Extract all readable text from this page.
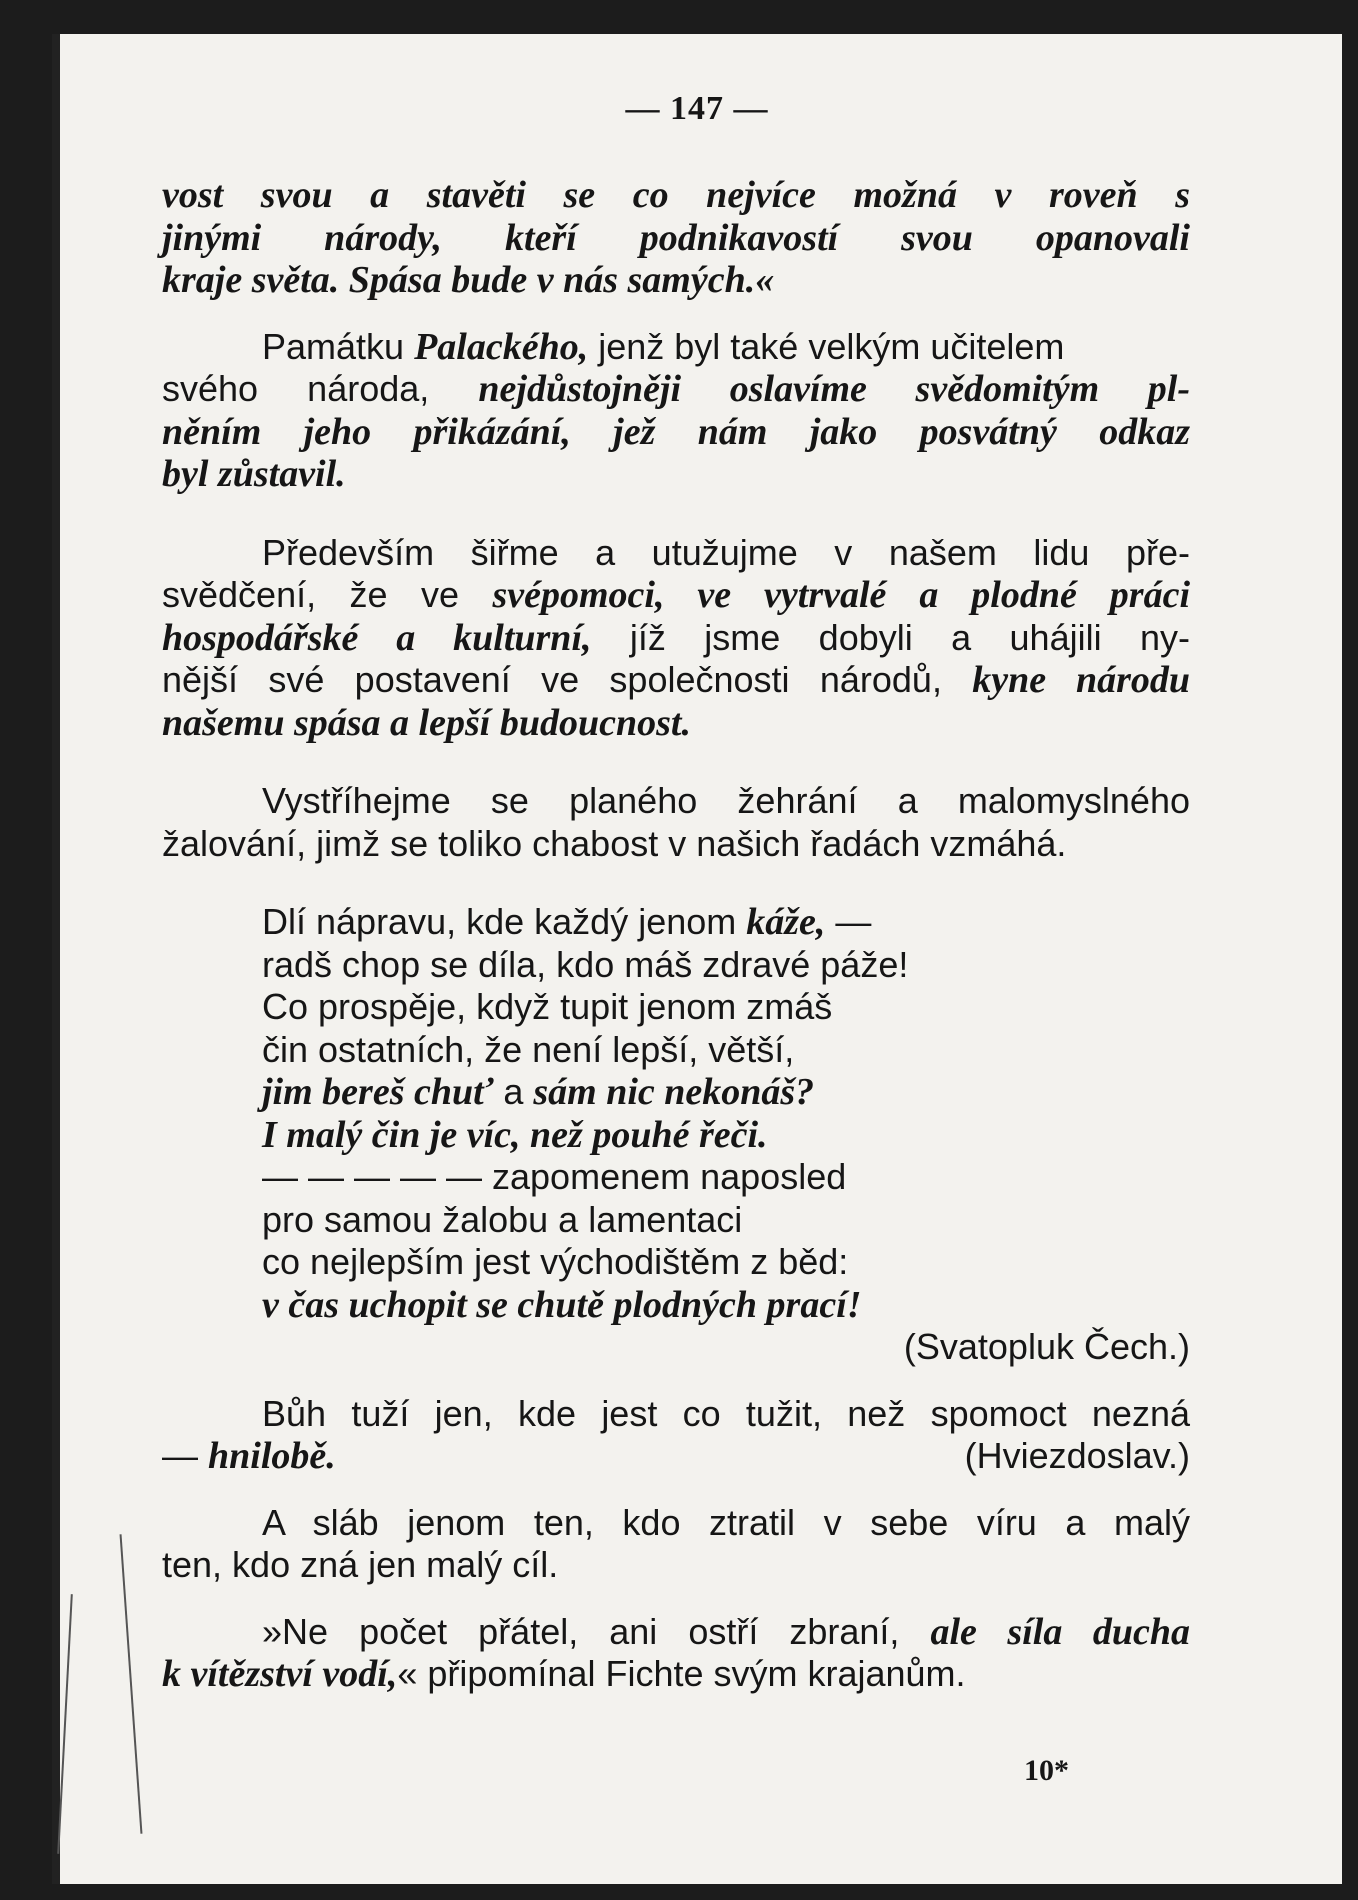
— 147 —
vost svou a stavěti se co nejvíce možná v roveň s
jinými národy, kteří podnikavostí svou opanovali
kraje světa. Spása bude v nás samých.«
Památku Palackého, jenž byl také velkým učitelem
svého národa, nejdůstojněji oslavíme svědomitým pl-
něním jeho přikázání, jež nám jako posvátný odkaz
byl zůstavil.
Především šiřme a utužujme v našem lidu pře-
svědčení, že ve svépomoci, ve vytrvalé a plodné práci
hospodářské a kulturní, jíž jsme dobyli a uhájili ny-
nější své postavení ve společnosti národů, kyne národu
našemu spása a lepší budoucnost.
Vystříhejme se planého žehrání a malomyslného
žalování, jimž se toliko chabost v našich řadách vzmáhá.
Dlí nápravu, kde každý jenom káže, —
radš chop se díla, kdo máš zdravé páže!
Co prospěje, když tupit jenom zmáš
čin ostatních, že není lepší, větší,
jim bereš chuť a sám nic nekonáš?
I malý čin je víc, než pouhé řeči.
— — — — — zapomenem naposled
pro samou žalobu a lamentaci
co nejlepším jest východištěm z běd:
v čas uchopit se chutě plodných prací!
(Svatopluk Čech.)
Bůh tuží jen, kde jest co tužit, než spomoct nezná
— hnilobě.	(Hviezdoslav.)
A sláb jenom ten, kdo ztratil v sebe víru a malý
ten, kdo zná jen malý cíl.
»Ne počet přátel, ani ostří zbraní, ale síla ducha
k vítězství vodí,« připomínal Fichte svým krajanům.
10*
